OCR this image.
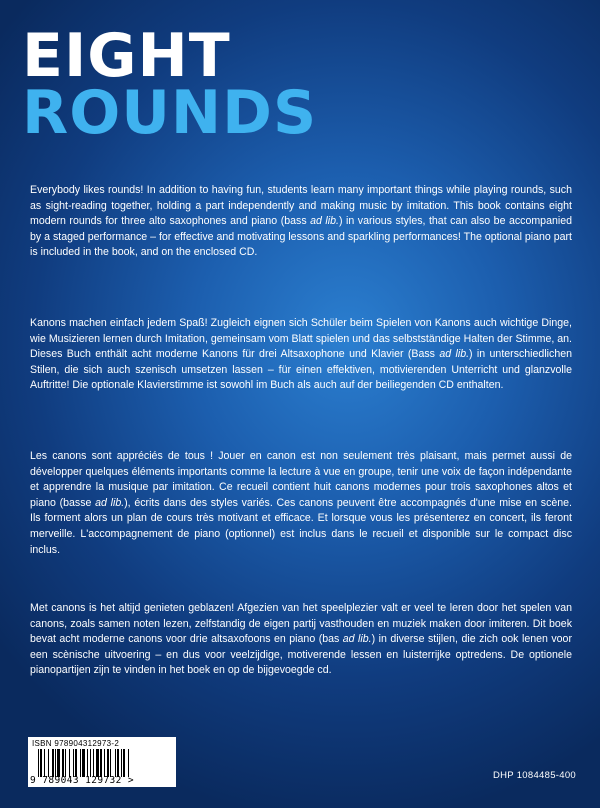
EIGHT
ROUNDS

Everybody likes rounds! In addition to having fun, students learn many important things while playing rounds, such as sight-reading together, holding a part independently and making music by imitation. This book contains eight modern rounds for three alto saxophones and piano (bass ad lib.) in various styles, that can also be accompanied by a staged performance – for effective and motivating lessons and sparkling performances! The optional piano part is included in the book, and on the enclosed CD.

Kanons machen einfach jedem Spaß! Zugleich eignen sich Schüler beim Spielen von Kanons auch wichtige Dinge, wie Musizieren lernen durch Imitation, gemeinsam vom Blatt spielen und das selbstständige Halten der Stimme, an. Dieses Buch enthält acht moderne Kanons für drei Altsaxophone und Klavier (Bass ad lib.) in unterschiedlichen Stilen, die sich auch szenisch umsetzen lassen – für einen effektiven, motivierenden Unterricht und glanzvolle Auftritte! Die optionale Klavierstimme ist sowohl im Buch als auch auf der beiliegenden CD enthalten.

Les canons sont appréciés de tous ! Jouer en canon est non seulement très plaisant, mais permet aussi de développer quelques éléments importants comme la lecture à vue en groupe, tenir une voix de façon indépendante et apprendre la musique par imitation. Ce recueil contient huit canons modernes pour trois saxophones altos et piano (basse ad lib.), écrits dans des styles variés. Ces canons peuvent être accompagnés d'une mise en scène. Ils forment alors un plan de cours très motivant et efficace. Et lorsque vous les présenterez en concert, ils feront merveille. L'accompagnement de piano (optionnel) est inclus dans le recueil et disponible sur le compact disc inclus.

Met canons is het altijd genieten geblazen! Afgezien van het speelplezier valt er veel te leren door het spelen van canons, zoals samen noten lezen, zelfstandig de eigen partij vasthouden en muziek maken door imiteren. Dit boek bevat acht moderne canons voor drie altsaxofoons en piano (bas ad lib.) in diverse stijlen, die zich ook lenen voor een scènische uitvoering – en dus voor veelzijdige, motiverende lessen en luisterrijke optredens. De optionele pianopartijen zijn te vinden in het boek en op de bijgevoegde cd.

ISBN 978904312973-2

9 789043 129732 >	DHP 1084485-400
